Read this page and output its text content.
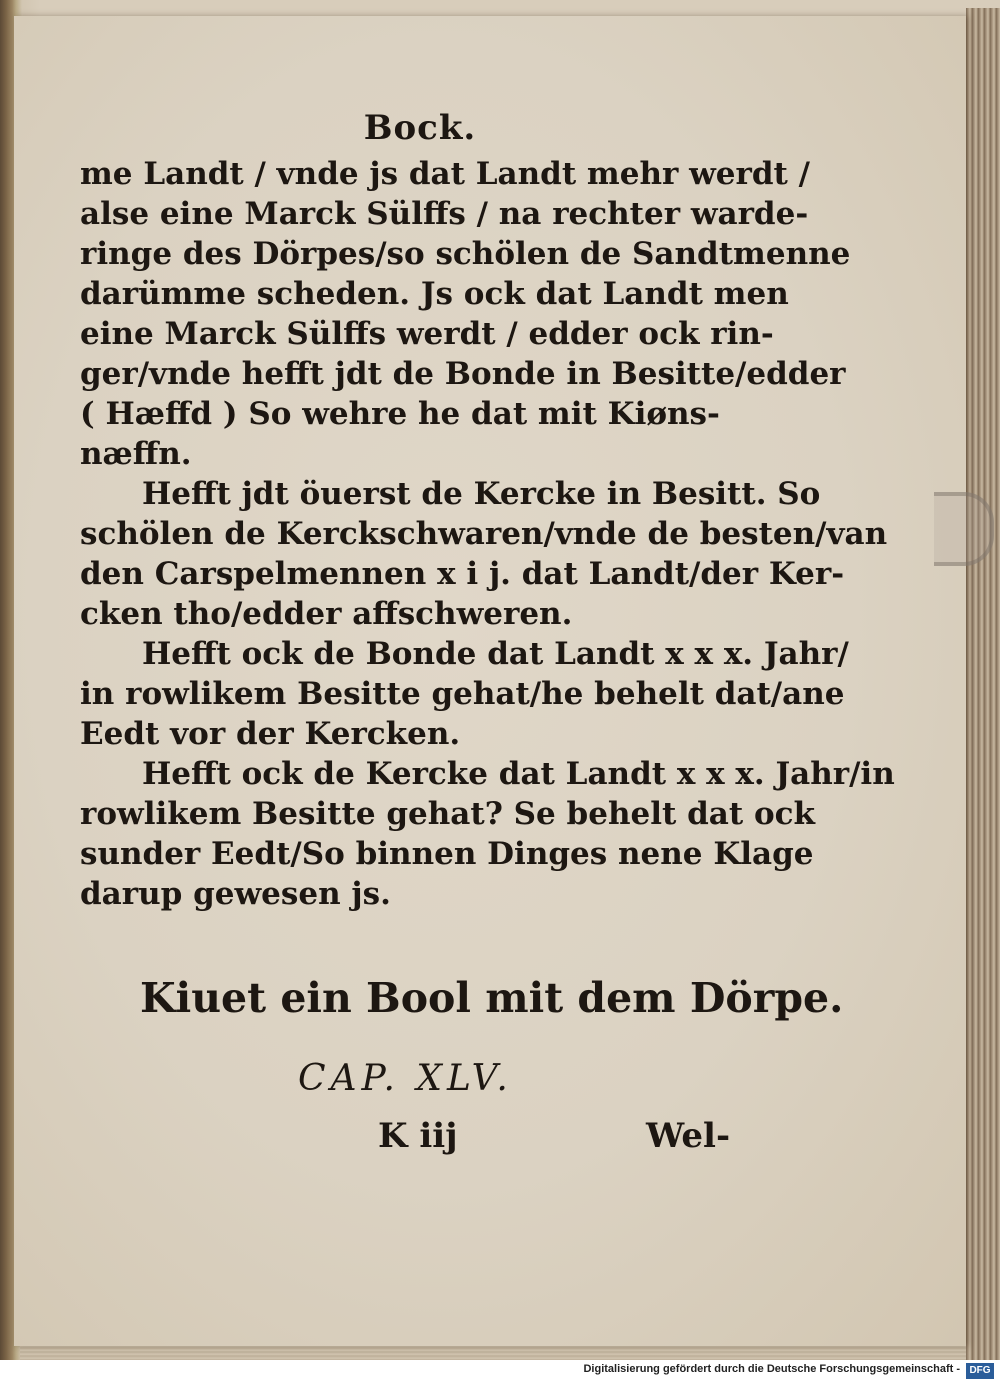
Bock.
me Landt / vnde js dat Landt mehr werdt /
alse eine Marck Sülffs / na rechter warde-
ringe des Dörpes/so schölen de Sandtmenne
darümme scheden. Js ock dat Landt men
eine Marck Sülffs werdt / edder ock rin-
ger/vnde hefft jdt de Bonde in Besitte/edder
( Hæffd ) So wehre he dat mit Kiøns-
næffn.
Hefft jdt öuerst de Kercke in Besitt. So
schölen de Kerckschwaren/vnde de besten/van
den Carspelmennen x i j. dat Landt/der Ker-
cken tho/edder affschweren.
Hefft ock de Bonde dat Landt x x x. Jahr/
in rowlikem Besitte gehat/he behelt dat/ane
Eedt vor der Kercken.
Hefft ock de Kercke dat Landt x x x. Jahr/in
rowlikem Besitte gehat? Se behelt dat ock
sunder Eedt/So binnen Dinges nene Klage
darup gewesen js.
Kiuet ein Bool mit dem Dörpe.
CAP. XLV.
K iij	Wel-
Digitalisierung gefördert durch die Deutsche Forschungsgemeinschaft - DFG
